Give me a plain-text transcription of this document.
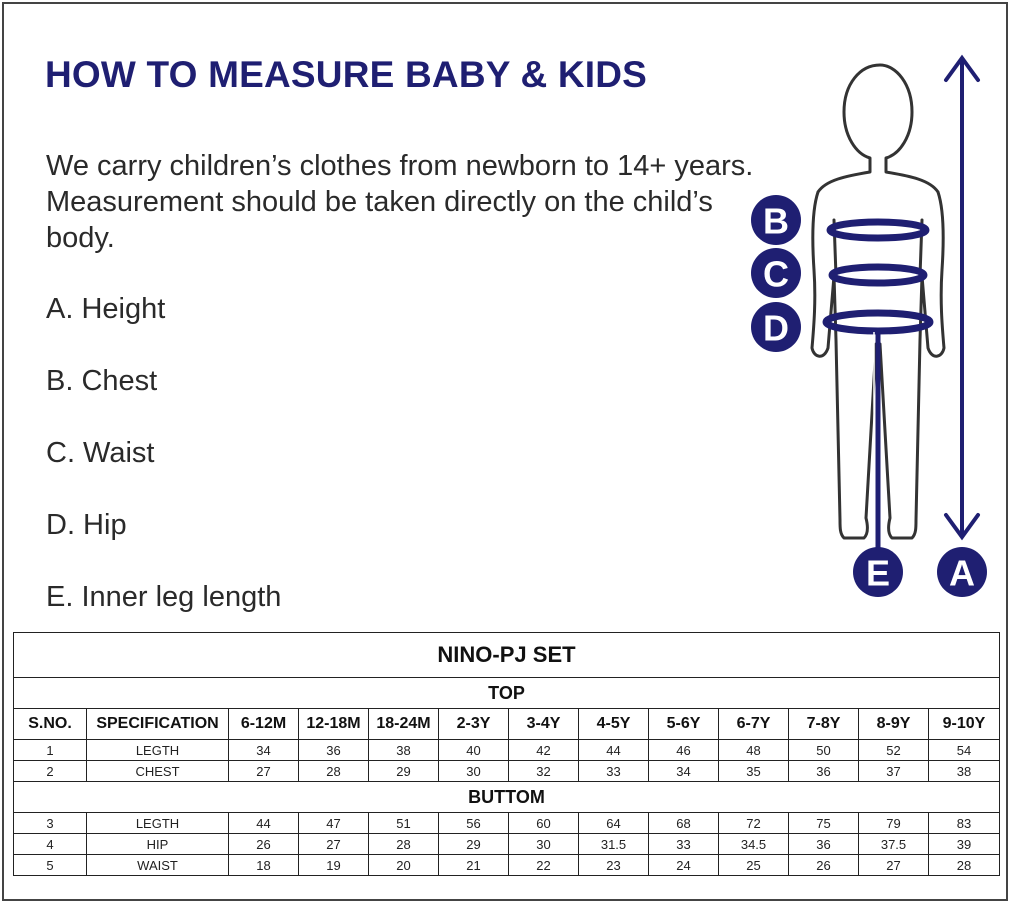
HOW TO MEASURE BABY & KIDS

We carry children’s clothes from newborn to 14+ years. Measurement should be taken directly on the child’s body.

A. Height
B. Chest
C. Waist
D. Hip
E. Inner leg length
B
C
D
E A
NINO-PJ SET												
TOP												
S.NO.	SPECIFICATION	6-12M	12-18M	18-24M	2-3Y	3-4Y	4-5Y	5-6Y	6-7Y	7-8Y	8-9Y	9-10Y
1	LEGTH	34	36	38	40	42	44	46	48	50	52	54
2	CHEST	27	28	29	30	32	33	34	35	36	37	38
BUTTOM												
3	LEGTH	44	47	51	56	60	64	68	72	75	79	83
4	HIP	26	27	28	29	30	31.5	33	34.5	36	37.5	39
5	WAIST	18	19	20	21	22	23	24	25	26	27	28
